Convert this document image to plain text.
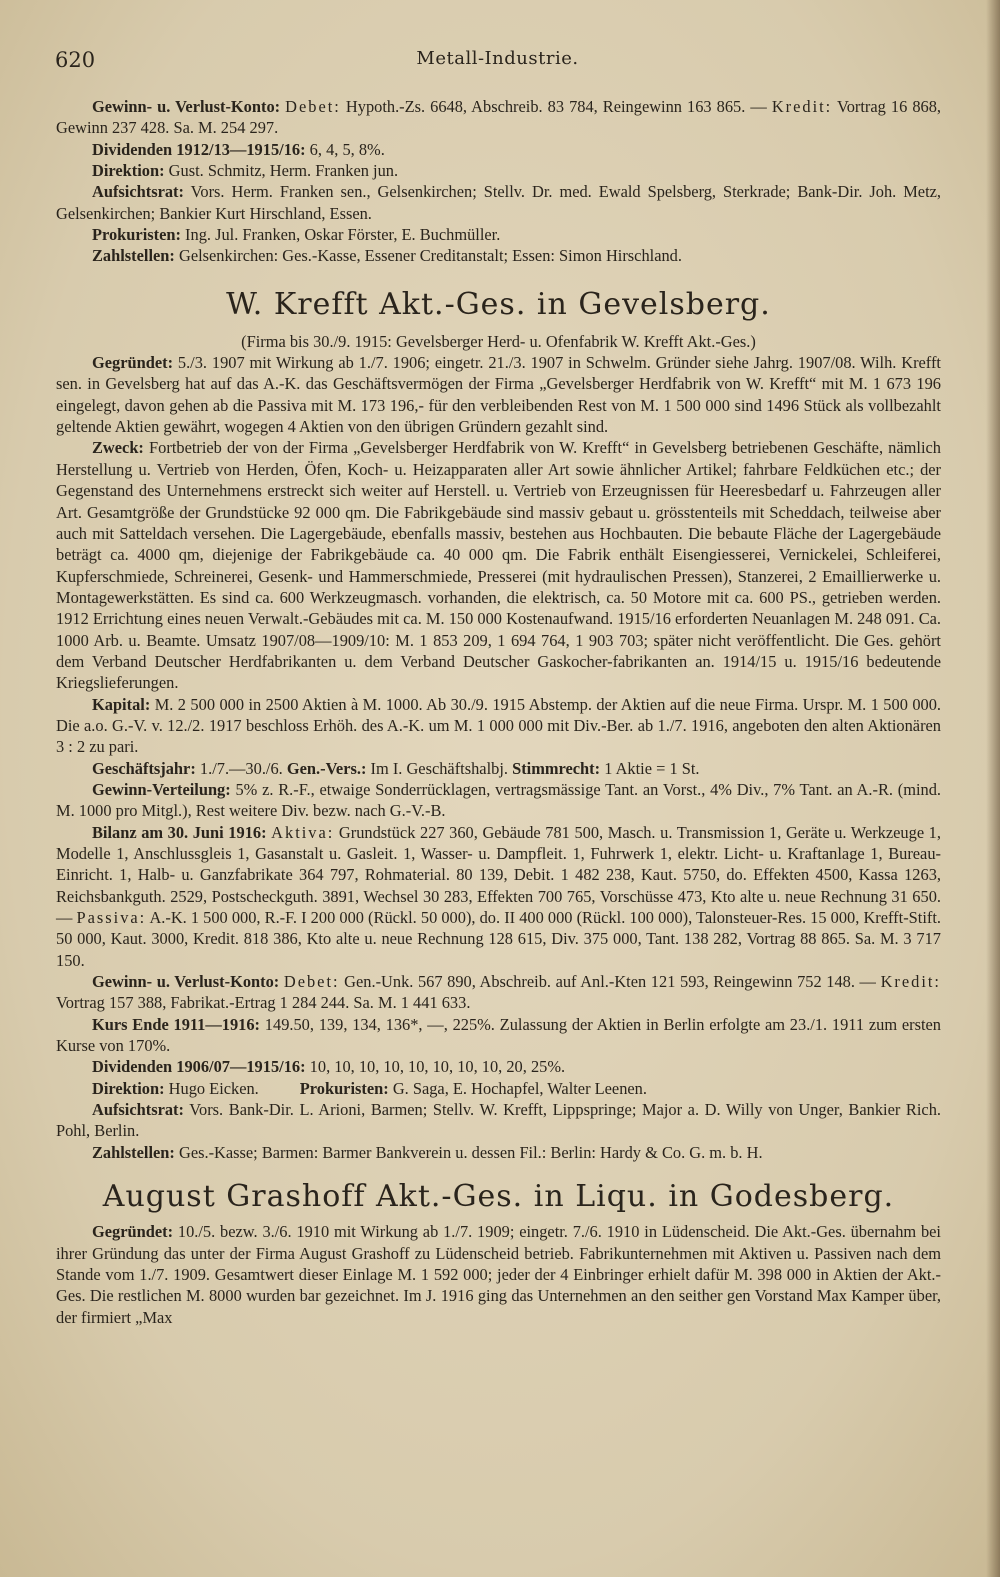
Metall-Industrie.
620

Gewinn- u. Verlust-Konto: Debet: Hypoth.-Zs. 6648, Abschreib. 83 784, Reingewinn 163 865. — Kredit: Vortrag 16 868, Gewinn 237 428. Sa. M. 254 297.

Dividenden 1912/13—1915/16: 6, 4, 5, 8%.

Direktion: Gust. Schmitz, Herm. Franken jun.

Aufsichtsrat: Vors. Herm. Franken sen., Gelsenkirchen; Stellv. Dr. med. Ewald Spelsberg, Sterkrade; Bank-Dir. Joh. Metz, Gelsenkirchen; Bankier Kurt Hirschland, Essen.

Prokuristen: Ing. Jul. Franken, Oskar Förster, E. Buchmüller.

Zahlstellen: Gelsenkirchen: Ges.-Kasse, Essener Creditanstalt; Essen: Simon Hirschland.

W. Krefft Akt.-Ges. in Gevelsberg.

(Firma bis 30./9. 1915: Gevelsberger Herd- u. Ofenfabrik W. Krefft Akt.-Ges.)

Gegründet: 5./3. 1907 mit Wirkung ab 1./7. 1906; eingetr. 21./3. 1907 in Schwelm. Gründer siehe Jahrg. 1907/08. Wilh. Krefft sen. in Gevelsberg hat auf das A.-K. das Geschäftsvermögen der Firma „Gevelsberger Herdfabrik von W. Krefft“ mit M. 1 673 196 eingelegt, davon gehen ab die Passiva mit M. 173 196,- für den verbleibenden Rest von M. 1 500 000 sind 1496 Stück als vollbezahlt geltende Aktien gewährt, wogegen 4 Aktien von den übrigen Gründern gezahlt sind.

Zweck: Fortbetrieb der von der Firma „Gevelsberger Herdfabrik von W. Krefft“ in Gevelsberg betriebenen Geschäfte, nämlich Herstellung u. Vertrieb von Herden, Öfen, Koch- u. Heizapparaten aller Art sowie ähnlicher Artikel; fahrbare Feldküchen etc.; der Gegenstand des Unternehmens erstreckt sich weiter auf Herstell. u. Vertrieb von Erzeugnissen für Heeresbedarf u. Fahrzeugen aller Art. Gesamtgröße der Grundstücke 92 000 qm. Die Fabrikgebäude sind massiv gebaut u. grösstenteils mit Scheddach, teilweise aber auch mit Satteldach versehen. Die Lagergebäude, ebenfalls massiv, bestehen aus Hochbauten. Die bebaute Fläche der Lagergebäude beträgt ca. 4000 qm, diejenige der Fabrikgebäude ca. 40 000 qm. Die Fabrik enthält Eisengiesserei, Vernickelei, Schleiferei, Kupferschmiede, Schreinerei, Gesenk- und Hammerschmiede, Presserei (mit hydraulischen Pressen), Stanzerei, 2 Emaillierwerke u. Montagewerkstätten. Es sind ca. 600 Werkzeugmasch. vorhanden, die elektrisch, ca. 50 Motore mit ca. 600 PS., getrieben werden. 1912 Errichtung eines neuen Verwalt.-Gebäudes mit ca. M. 150 000 Kostenaufwand. 1915/16 erforderten Neuanlagen M. 248 091. Ca. 1000 Arb. u. Beamte. Umsatz 1907/08—1909/10: M. 1 853 209, 1 694 764, 1 903 703; später nicht veröffentlicht. Die Ges. gehört dem Verband Deutscher Herdfabrikanten u. dem Verband Deutscher Gaskocher-fabrikanten an. 1914/15 u. 1915/16 bedeutende Kriegslieferungen.

Kapital: M. 2 500 000 in 2500 Aktien à M. 1000. Ab 30./9. 1915 Abstemp. der Aktien auf die neue Firma. Urspr. M. 1 500 000. Die a.o. G.-V. v. 12./2. 1917 beschloss Erhöh. des A.-K. um M. 1 000 000 mit Div.-Ber. ab 1./7. 1916, angeboten den alten Aktionären 3 : 2 zu pari.

Geschäftsjahr: 1./7.—30./6. Gen.-Vers.: Im I. Geschäftshalbj. Stimmrecht: 1 Aktie = 1 St.

Gewinn-Verteilung: 5% z. R.-F., etwaige Sonderrücklagen, vertragsmässige Tant. an Vorst., 4% Div., 7% Tant. an A.-R. (mind. M. 1000 pro Mitgl.), Rest weitere Div. bezw. nach G.-V.-B.

Bilanz am 30. Juni 1916: Aktiva: Grundstück 227 360, Gebäude 781 500, Masch. u. Transmission 1, Geräte u. Werkzeuge 1, Modelle 1, Anschlussgleis 1, Gasanstalt u. Gasleit. 1, Wasser- u. Dampfleit. 1, Fuhrwerk 1, elektr. Licht- u. Kraftanlage 1, Bureau-Einricht. 1, Halb- u. Ganzfabrikate 364 797, Rohmaterial. 80 139, Debit. 1 482 238, Kaut. 5750, do. Effekten 4500, Kassa 1263, Reichsbankguth. 2529, Postscheckguth. 3891, Wechsel 30 283, Effekten 700 765, Vorschüsse 473, Kto alte u. neue Rechnung 31 650. — Passiva: A.-K. 1 500 000, R.-F. I 200 000 (Rückl. 50 000), do. II 400 000 (Rückl. 100 000), Talonsteuer-Res. 15 000, Krefft-Stift. 50 000, Kaut. 3000, Kredit. 818 386, Kto alte u. neue Rechnung 128 615, Div. 375 000, Tant. 138 282, Vortrag 88 865. Sa. M. 3 717 150.

Gewinn- u. Verlust-Konto: Debet: Gen.-Unk. 567 890, Abschreib. auf Anl.-Kten 121 593, Reingewinn 752 148. — Kredit: Vortrag 157 388, Fabrikat.-Ertrag 1 284 244. Sa. M. 1 441 633.

Kurs Ende 1911—1916: 149.50, 139, 134, 136*, —, 225%. Zulassung der Aktien in Berlin erfolgte am 23./1. 1911 zum ersten Kurse von 170%.

Dividenden 1906/07—1915/16: 10, 10, 10, 10, 10, 10, 10, 10, 20, 25%.

Direktion: Hugo Eicken. Prokuristen: G. Saga, E. Hochapfel, Walter Leenen.

Aufsichtsrat: Vors. Bank-Dir. L. Arioni, Barmen; Stellv. W. Krefft, Lippspringe; Major a. D. Willy von Unger, Bankier Rich. Pohl, Berlin.

Zahlstellen: Ges.-Kasse; Barmen: Barmer Bankverein u. dessen Fil.: Berlin: Hardy & Co. G. m. b. H.

August Grashoff Akt.-Ges. in Liqu. in Godesberg.

Gegründet: 10./5. bezw. 3./6. 1910 mit Wirkung ab 1./7. 1909; eingetr. 7./6. 1910 in Lüdenscheid. Die Akt.-Ges. übernahm bei ihrer Gründung das unter der Firma August Grashoff zu Lüdenscheid betrieb. Fabrikunternehmen mit Aktiven u. Passiven nach dem Stande vom 1./7. 1909. Gesamtwert dieser Einlage M. 1 592 000; jeder der 4 Einbringer erhielt dafür M. 398 000 in Aktien der Akt.-Ges. Die restlichen M. 8000 wurden bar gezeichnet. Im J. 1916 ging das Unternehmen an den seither gen Vorstand Max Kamper über, der firmiert „Max
